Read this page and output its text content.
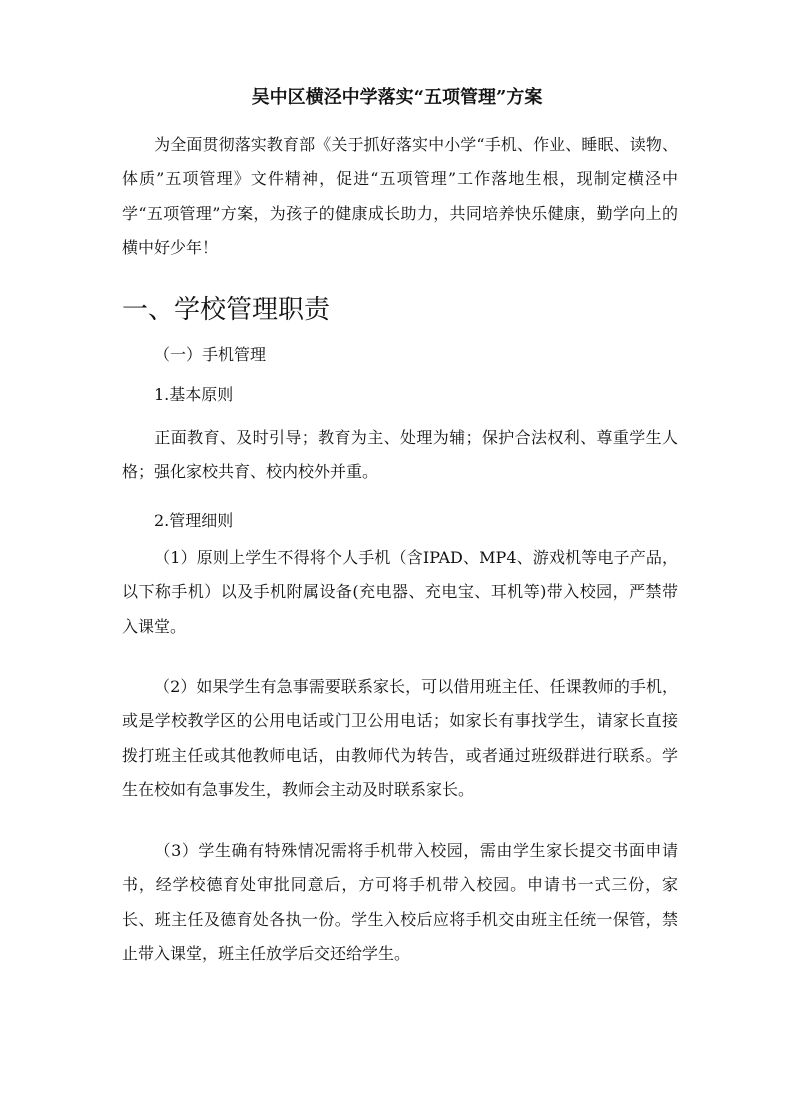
吴中区横泾中学落实“五项管理”方案
为全面贯彻落实教育部《关于抓好落实中小学“手机、作业、睡眠、读物、体质”五项管理》文件精神，促进“五项管理”工作落地生根，现制定横泾中学“五项管理”方案，为孩子的健康成长助力，共同培养快乐健康，勤学向上的横中好少年！
一、学校管理职责
（一）手机管理
1.基本原则
正面教育、及时引导；教育为主、处理为辅；保护合法权利、尊重学生人格；强化家校共育、校内校外并重。
2.管理细则
（1）原则上学生不得将个人手机（含IPAD、MP4、游戏机等电子产品，以下称手机）以及手机附属设备(充电器、充电宝、耳机等)带入校园，严禁带入课堂。
（2）如果学生有急事需要联系家长，可以借用班主任、任课教师的手机，或是学校教学区的公用电话或门卫公用电话；如家长有事找学生，请家长直接拨打班主任或其他教师电话，由教师代为转告，或者通过班级群进行联系。学生在校如有急事发生，教师会主动及时联系家长。
（3）学生确有特殊情况需将手机带入校园，需由学生家长提交书面申请书，经学校德育处审批同意后，方可将手机带入校园。申请书一式三份，家长、班主任及德育处各执一份。学生入校后应将手机交由班主任统一保管，禁止带入课堂，班主任放学后交还给学生。
